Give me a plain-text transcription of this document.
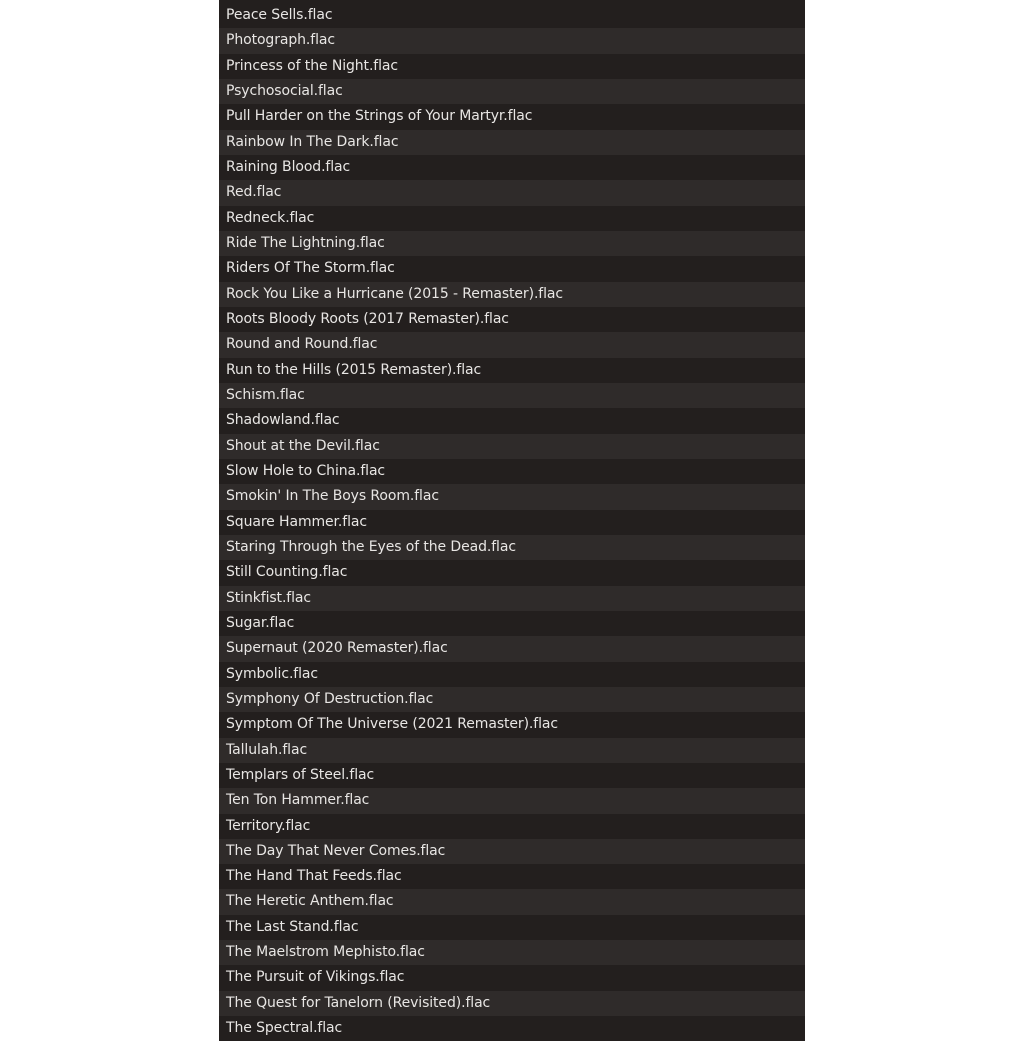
Peace Sells.flac
Photograph.flac
Princess of the Night.flac
Psychosocial.flac
Pull Harder on the Strings of Your Martyr.flac
Rainbow In The Dark.flac
Raining Blood.flac
Red.flac
Redneck.flac
Ride The Lightning.flac
Riders Of The Storm.flac
Rock You Like a Hurricane (2015 - Remaster).flac
Roots Bloody Roots (2017 Remaster).flac
Round and Round.flac
Run to the Hills (2015 Remaster).flac
Schism.flac
Shadowland.flac
Shout at the Devil.flac
Slow Hole to China.flac
Smokin' In The Boys Room.flac
Square Hammer.flac
Staring Through the Eyes of the Dead.flac
Still Counting.flac
Stinkfist.flac
Sugar.flac
Supernaut (2020 Remaster).flac
Symbolic.flac
Symphony Of Destruction.flac
Symptom Of The Universe (2021 Remaster).flac
Tallulah.flac
Templars of Steel.flac
Ten Ton Hammer.flac
Territory.flac
The Day That Never Comes.flac
The Hand That Feeds.flac
The Heretic Anthem.flac
The Last Stand.flac
The Maelstrom Mephisto.flac
The Pursuit of Vikings.flac
The Quest for Tanelorn (Revisited).flac
The Spectral.flac
